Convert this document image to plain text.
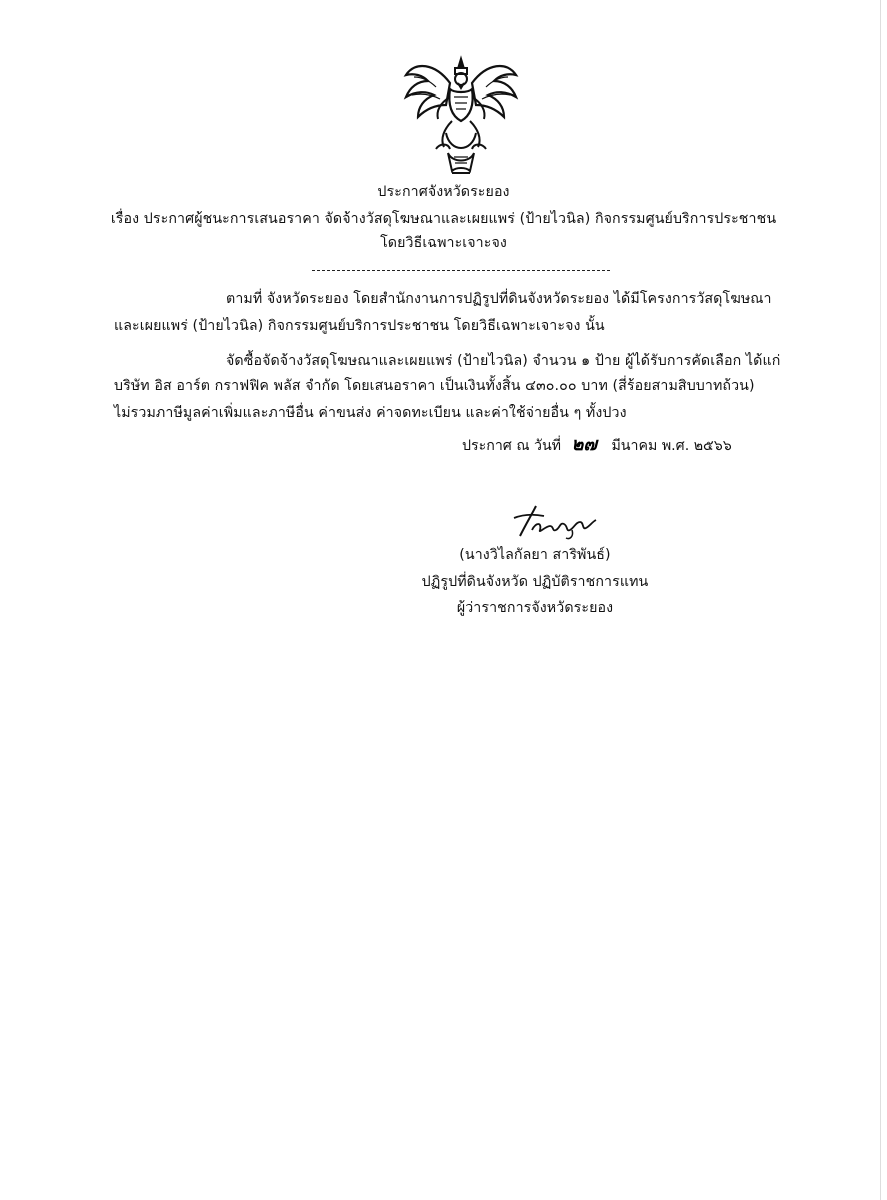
ประกาศจังหวัดระยอง
เรื่อง ประกาศผู้ชนะการเสนอราคา จัดจ้างวัสดุโฆษณาและเผยแพร่ (ป้ายไวนิล) กิจกรรมศูนย์บริการประชาชน
โดยวิธีเฉพาะเจาะจง
ตามที่ จังหวัดระยอง โดยสำนักงานการปฏิรูปที่ดินจังหวัดระยอง ได้มีโครงการวัสดุโฆษณา
และเผยแพร่ (ป้ายไวนิล) กิจกรรมศูนย์บริการประชาชน โดยวิธีเฉพาะเจาะจง นั้น
จัดซื้อจัดจ้างวัสดุโฆษณาและเผยแพร่ (ป้ายไวนิล) จำนวน ๑ ป้าย ผู้ได้รับการคัดเลือก ได้แก่
บริษัท อิส อาร์ต กราฟฟิค พลัส จำกัด โดยเสนอราคา เป็นเงินทั้งสิ้น ๔๓๐.๐๐ บาท (สี่ร้อยสามสิบบาทถ้วน)
ไม่รวมภาษีมูลค่าเพิ่มและภาษีอื่น ค่าขนส่ง ค่าจดทะเบียน และค่าใช้จ่ายอื่น ๆ ทั้งปวง
ประกาศ ณ วันที่ ๒๗ มีนาคม พ.ศ. ๒๕๖๖
(นางวิไลกัลยา สาริพันธ์)
ปฏิรูปที่ดินจังหวัด ปฏิบัติราชการแทน
ผู้ว่าราชการจังหวัดระยอง
